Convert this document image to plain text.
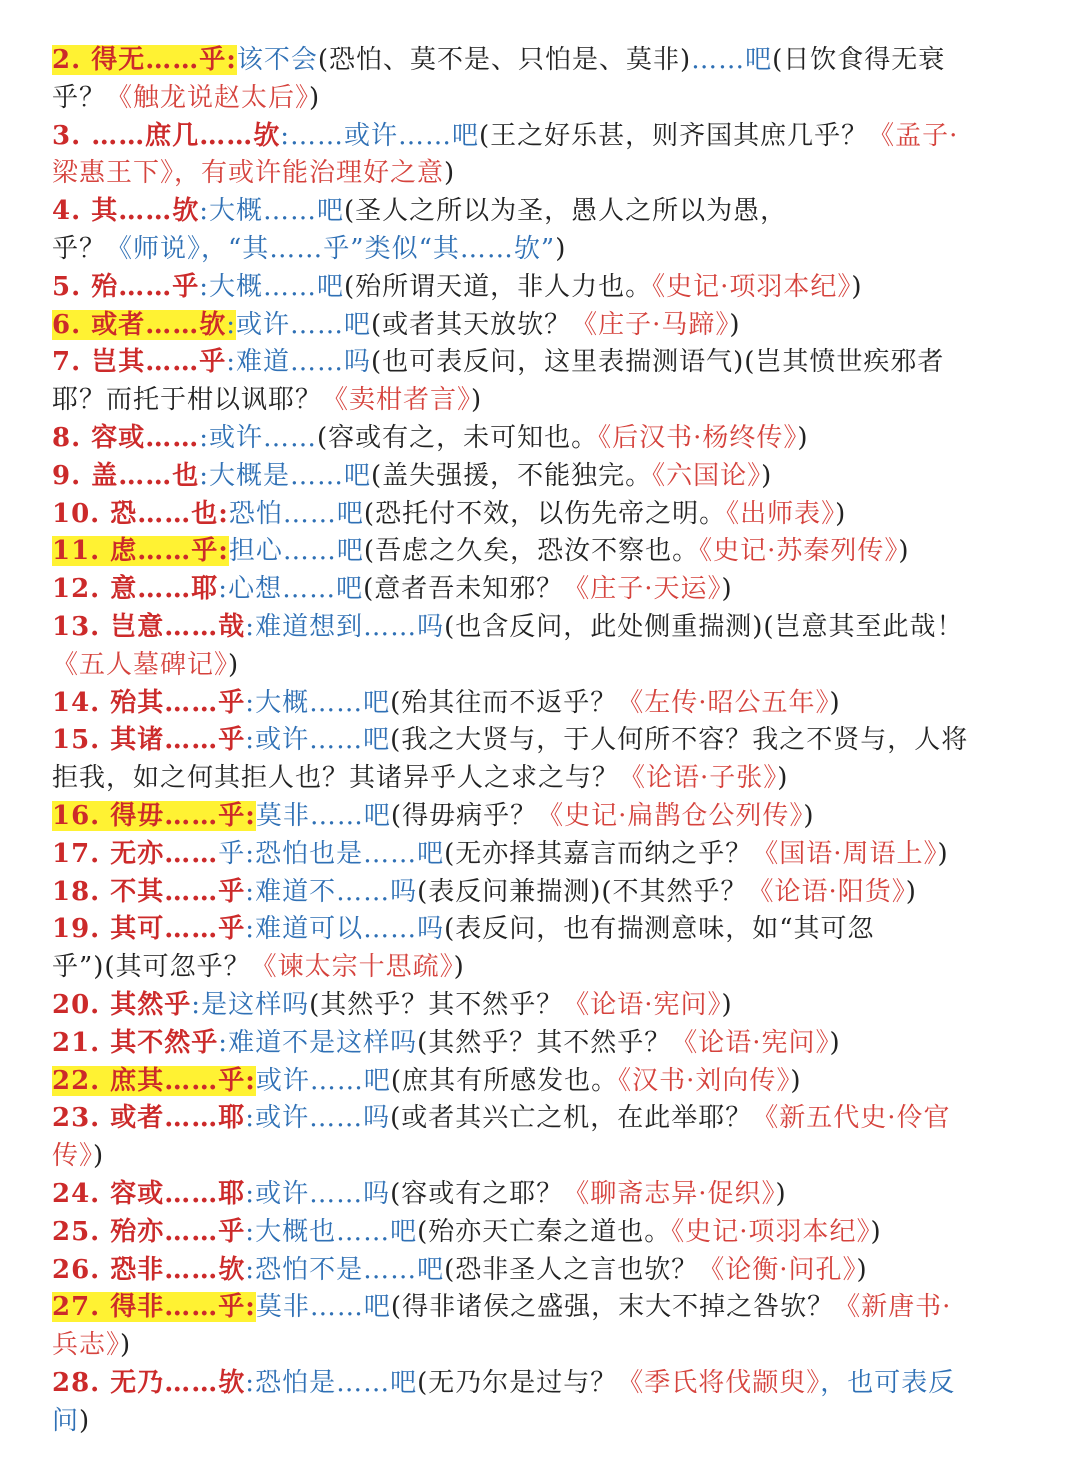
2. 得无……乎:该不会(恐怕、莫不是、只怕是、莫非)……吧(日饮食得无衰
乎？《触龙说赵太后》)
3. ……庶几……欤:……或许……吧(王之好乐甚，则齐国其庶几乎？《孟子·
梁惠王下》，有或许能治理好之意)
4. 其……欤:大概……吧(圣人之所以为圣，愚人之所以为愚，
乎？《师说》，“其……乎”类似“其……欤”)
5. 殆……乎:大概……吧(殆所谓天道，非人力也。《史记·项羽本纪》)
6. 或者……欤:或许……吧(或者其天放欤？《庄子·马蹄》)
7. 岂其……乎:难道……吗(也可表反问，这里表揣测语气)(岂其愤世疾邪者
耶？而托于柑以讽耶？《卖柑者言》)
8. 容或……:或许……(容或有之，未可知也。《后汉书·杨终传》)
9. 盖……也:大概是……吧(盖失强援，不能独完。《六国论》)
10. 恐……也:恐怕……吧(恐托付不效，以伤先帝之明。《出师表》)
11. 虑……乎:担心……吧(吾虑之久矣，恐汝不察也。《史记·苏秦列传》)
12. 意……耶:心想……吧(意者吾未知邪？《庄子·天运》)
13. 岂意……哉:难道想到……吗(也含反问，此处侧重揣测)(岂意其至此哉！
《五人墓碑记》)
14. 殆其……乎:大概……吧(殆其往而不返乎？《左传·昭公五年》)
15. 其诸……乎:或许……吧(我之大贤与，于人何所不容？我之不贤与，人将
拒我，如之何其拒人也？其诸异乎人之求之与？《论语·子张》)
16. 得毋……乎:莫非……吧(得毋病乎？《史记·扁鹊仓公列传》)
17. 无亦……乎:恐怕也是……吧(无亦择其嘉言而纳之乎？《国语·周语上》)
18. 不其……乎:难道不……吗(表反问兼揣测)(不其然乎？《论语·阳货》)
19. 其可……乎:难道可以……吗(表反问，也有揣测意味，如“其可忽
乎”)(其可忽乎？《谏太宗十思疏》)
20. 其然乎:是这样吗(其然乎？其不然乎？《论语·宪问》)
21. 其不然乎:难道不是这样吗(其然乎？其不然乎？《论语·宪问》)
22. 庶其……乎:或许……吧(庶其有所感发也。《汉书·刘向传》)
23. 或者……耶:或许……吗(或者其兴亡之机，在此举耶？《新五代史·伶官
传》)
24. 容或……耶:或许……吗(容或有之耶？《聊斋志异·促织》)
25. 殆亦……乎:大概也……吧(殆亦天亡秦之道也。《史记·项羽本纪》)
26. 恐非……欤:恐怕不是……吧(恐非圣人之言也欤？《论衡·问孔》)
27. 得非……乎:莫非……吧(得非诸侯之盛强，末大不掉之咎欤？《新唐书·
兵志》)
28. 无乃……欤:恐怕是……吧(无乃尔是过与？《季氏将伐颛臾》，也可表反
问)
